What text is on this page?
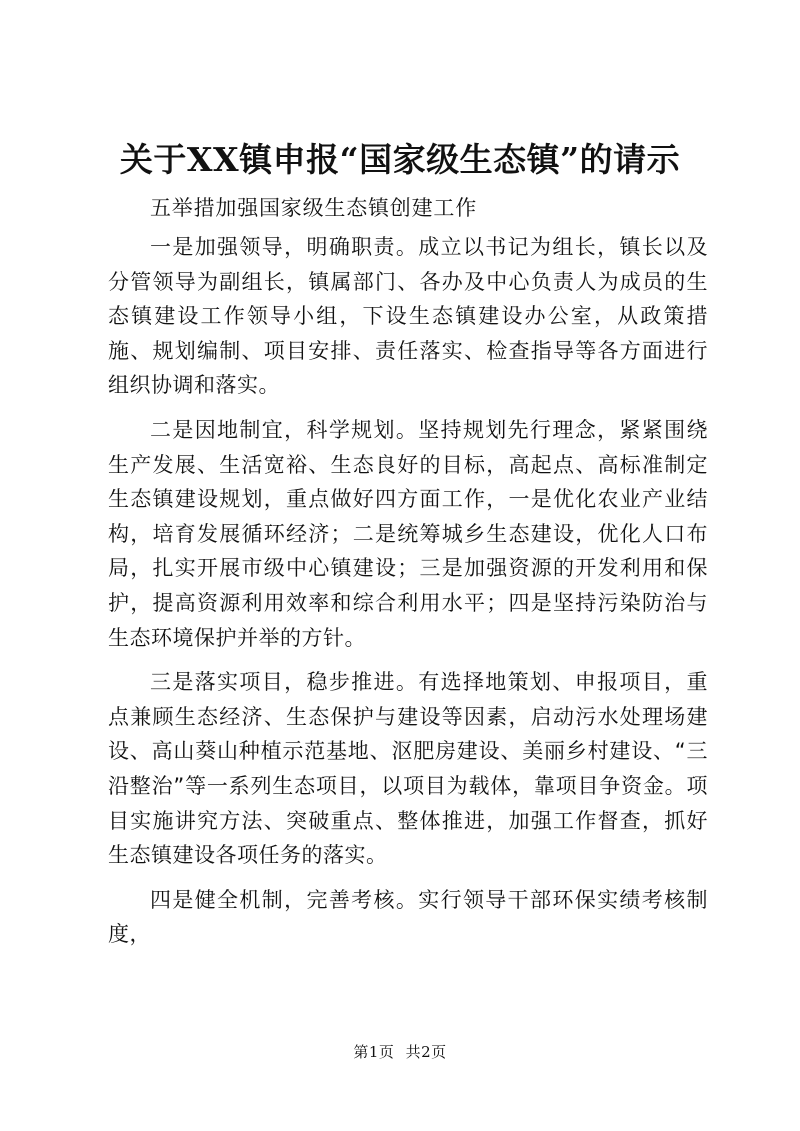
关于XX镇申报“国家级生态镇”的请示

五举措加强国家级生态镇创建工作

一是加强领导，明确职责。成立以书记为组长，镇长以及分管领导为副组长，镇属部门、各办及中心负责人为成员的生态镇建设工作领导小组，下设生态镇建设办公室，从政策措施、规划编制、项目安排、责任落实、检查指导等各方面进行组织协调和落实。

二是因地制宜，科学规划。坚持规划先行理念，紧紧围绕生产发展、生活宽裕、生态良好的目标，高起点、高标准制定生态镇建设规划，重点做好四方面工作，一是优化农业产业结构，培育发展循环经济；二是统筹城乡生态建设，优化人口布局，扎实开展市级中心镇建设；三是加强资源的开发利用和保护，提高资源利用效率和综合利用水平；四是坚持污染防治与生态环境保护并举的方针。

三是落实项目，稳步推进。有选择地策划、申报项目，重点兼顾生态经济、生态保护与建设等因素，启动污水处理场建设、高山葵山种植示范基地、沤肥房建设、美丽乡村建设、“三沿整治”等一系列生态项目，以项目为载体，靠项目争资金。项目实施讲究方法、突破重点、整体推进，加强工作督查，抓好生态镇建设各项任务的落实。

四是健全机制，完善考核。实行领导干部环保实绩考核制度，

第1页 共2页
